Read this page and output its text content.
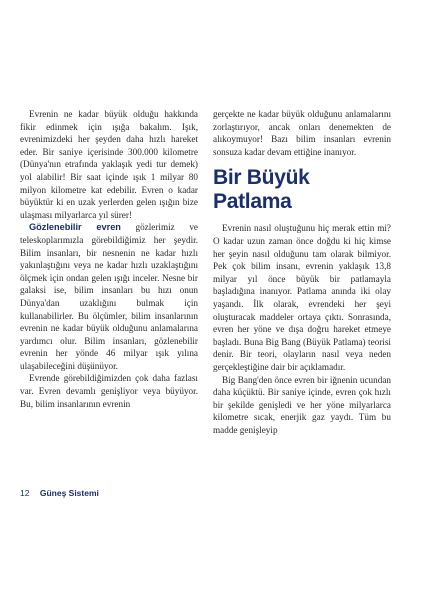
Evrenin ne kadar büyük olduğu hakkında fikir edinmek için ışığa bakalım. Işık, evrenimizdeki her şeyden daha hızlı hareket eder. Bir saniye içerisinde 300.000 kilometre (Dünya'nın etrafında yaklaşık yedi tur demek) yol alabilir! Bir saat içinde ışık 1 milyar 80 milyon kilometre kat edebilir. Evren o kadar büyüktür ki en uzak yerlerden gelen ışığın bize ulaşması milyarlarca yıl sürer!

Gözlenebilir evren gözlerimiz ve teleskoplarımızla görebildiğimiz her şeydir. Bilim insanları, bir nesnenin ne kadar hızlı yakınlaştığını veya ne kadar hızlı uzaklaştığını ölçmek için ondan gelen ışığı inceler. Nesne bir galaksi ise, bilim insanları bu hızı onun Dünya'dan uzaklığını bulmak için kullanabilirler. Bu ölçümler, bilim insanlarının evrenin ne kadar büyük olduğunu anlamalarına yardımcı olur. Bilim insanları, gözlenebilir evrenin her yönde 46 milyar ışık yılına ulaşabileceğini düşünüyor.

Evrende görebildiğimizden çok daha fazlası var. Evren devamlı genişliyor veya büyüyor. Bu, bilim insanlarının evrenin

gerçekte ne kadar büyük olduğunu anlamalarını zorlaştırıyor, ancak onları denemekten de alıkoymuyor! Bazı bilim insanları evrenin sonsuza kadar devam ettiğine inanıyor.

Bir Büyük Patlama

Evrenin nasıl oluştuğunu hiç merak ettin mi? O kadar uzun zaman önce doğdu ki hiç kimse her şeyin nasıl olduğunu tam olarak bilmiyor. Pek çok bilim insanı, evrenin yaklaşık 13,8 milyar yıl önce büyük bir patlamayla başladığına inanıyor. Patlama anında iki olay yaşandı. İlk olarak, evrendeki her şeyi oluşturacak maddeler ortaya çıktı. Sonrasında, evren her yöne ve dışa doğru hareket etmeye başladı. Buna Big Bang (Büyük Patlama) teorisi denir. Bir teori, olayların nasıl veya neden gerçekleştiğine dair bir açıklamadır.

Big Bang'den önce evren bir iğnenin ucundan daha küçüktü. Bir saniye içinde, evren çok hızlı bir şekilde genişledi ve her yöne milyarlarca kilometre sıcak, enerjik gaz yaydı. Tüm bu madde genişleyip

12 Güneş Sistemi
